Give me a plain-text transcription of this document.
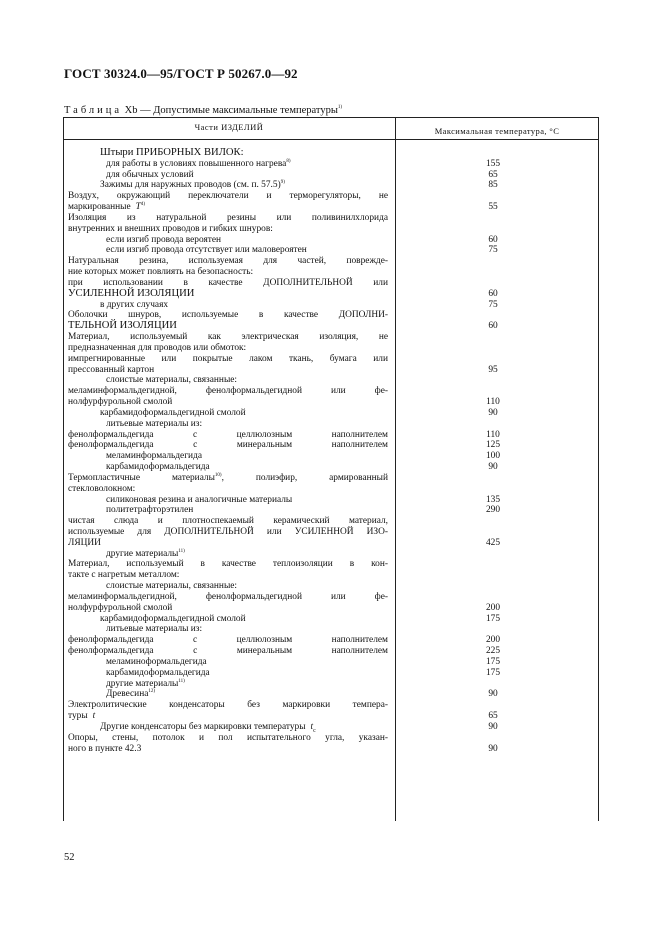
ГОСТ 30324.0—95/ГОСТ Р 50267.0—92
Таблица Xb — Допустимые максимальные температуры$^{1)}$
Части ИЗДЕЛИЙ	Максимальная температура, °С
Штыри ПРИБОРНЫХ ВИЛОК:
для работы в условиях повышенного нагрева$^{8)}$	155
для обычных условий	65
Зажимы для наружных проводов (см. п. 57.5)$^{9)}$	85
Воздух, окружающий переключатели и терморегуляторы, не
маркированные $T^{4)}$	55
Изоляция из натуральной резины или поливинилхлорида
внутренних и внешних проводов и гибких шнуров:
если изгиб провода вероятен	60
если изгиб провода отсутствует или маловероятен	75
Натуральная резина, используемая для частей, повреждe-
ние которых может повлиять на безопасность:
при использовании в качестве ДОПОЛНИТЕЛЬНОЙ или
УСИЛЕННОЙ ИЗОЛЯЦИИ	60
в других случаях	75
Оболочки шнуров, используемые в качестве ДОПОЛНИ-
ТЕЛЬНОЙ ИЗОЛЯЦИИ	60
Материал, используемый как электрическая изоляция, не
предназначенная для проводов или обмоток:
импрегнированные или покрытые лаком ткань, бумага или
прессованный картон	95
слоистые материалы, связанные:
меламинформальдегидной, фенолформальдегидной или фе-
нолфурфурольной смолой	110
карбамидоформальдегидной смолой	90
литьевые материалы из:
фенолформальдегида с целлюлозным наполнителем	110
фенолформальдегида с минеральным наполнителем	125
меламинформальдегида	100
карбамидоформальдегида	90
Термопластичные материалы$^{10)}$, полиэфир, армированный
стекловолокном:
силиконовая резина и аналогичные материалы	135
политетрафторэтилен	290
чистая слюда и плотноспекаемый керамический материал,
используемые для ДОПОЛНИТЕЛЬНОЙ или УСИЛЕННОЙ ИЗО-
ЛЯЦИИ	425
другие материалы$^{11)}$
Материал, используемый в качестве теплоизоляции в кон-
такте с нагретым металлом:
слоистые материалы, связанные:
меламинформальдегидной, фенолформальдегидной или фе-
нолфурфурольной смолой	200
карбамидоформальдегидной смолой	175
литьевые материалы из:
фенолформальдегида с целлюлозным наполнителем	200
фенолформальдегида с минеральным наполнителем	225
меламиноформальдегида	175
карбамидоформальдегида	175
другие материалы$^{11)}$
Древесина$^{12)}$	90
Электролитические конденсаторы без маркировки темпера-
туры t	65
Другие конденсаторы без маркировки температуры $t_c$	90
Опоры, стены, потолок и пол испытательного угла, указан-
ного в пункте 42.3	90
52
